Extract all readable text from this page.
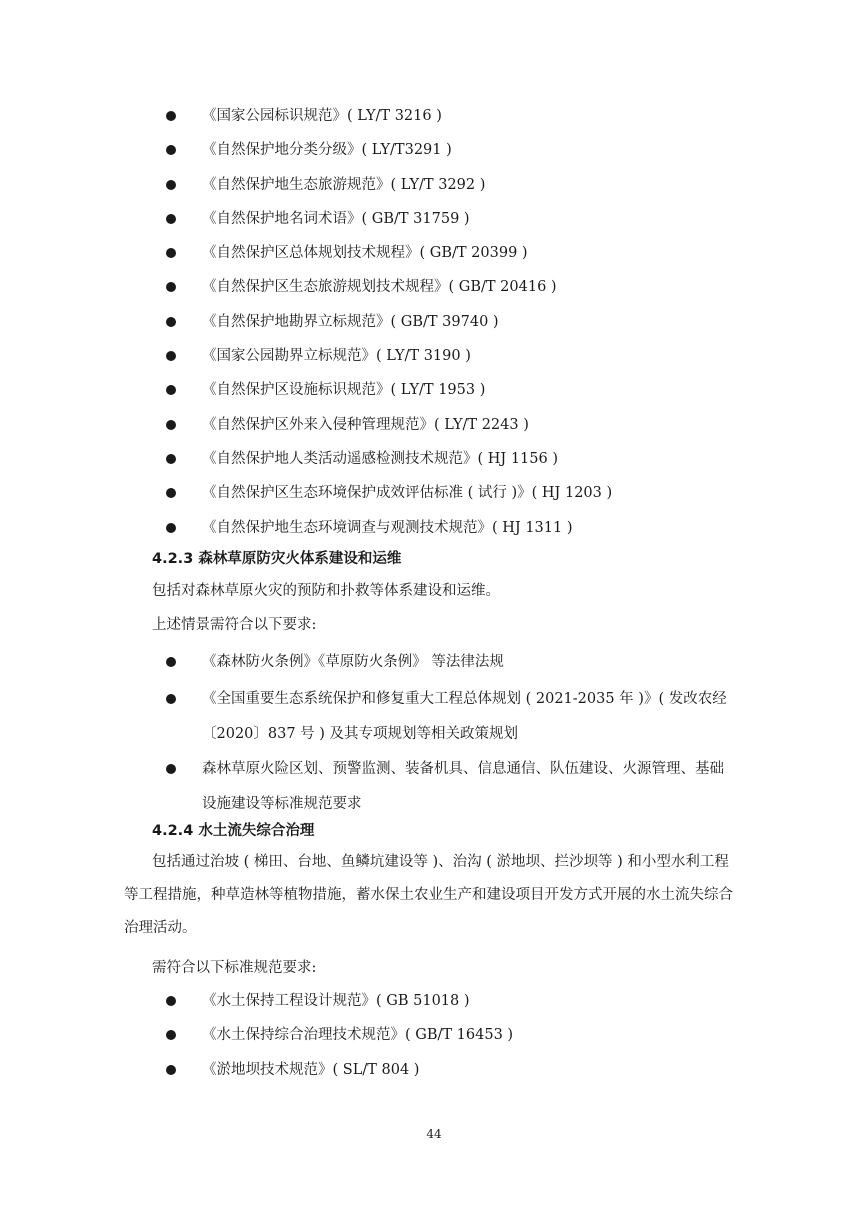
《国家公园标识规范》( LY/T 3216 )
《自然保护地分类分级》( LY/T3291 )
《自然保护地生态旅游规范》( LY/T 3292 )
《自然保护地名词术语》( GB/T 31759 )
《自然保护区总体规划技术规程》( GB/T 20399 )
《自然保护区生态旅游规划技术规程》( GB/T 20416 )
《自然保护地勘界立标规范》( GB/T 39740 )
《国家公园勘界立标规范》( LY/T 3190 )
《自然保护区设施标识规范》( LY/T 1953 )
《自然保护区外来入侵种管理规范》( LY/T 2243 )
《自然保护地人类活动遥感检测技术规范》( HJ 1156 )
《自然保护区生态环境保护成效评估标准 ( 试行 )》( HJ 1203 )
《自然保护地生态环境调查与观测技术规范》( HJ 1311 )
4.2.3 森林草原防灾火体系建设和运维
包括对森林草原火灾的预防和扑救等体系建设和运维。
上述情景需符合以下要求:
《森林防火条例》《草原防火条例》 等法律法规
《全国重要生态系统保护和修复重大工程总体规划 ( 2021-2035 年 )》( 发改农经〔2020〕837 号 ) 及其专项规划等相关政策规划
森林草原火险区划、预警监测、装备机具、信息通信、队伍建设、火源管理、基础设施建设等标准规范要求
4.2.4 水土流失综合治理
包括通过治坡 ( 梯田、台地、鱼鳞坑建设等 )、治沟 ( 淤地坝、拦沙坝等 ) 和小型水利工程等工程措施，种草造林等植物措施，蓄水保土农业生产和建设项目开发方式开展的水土流失综合治理活动。
需符合以下标准规范要求:
《水土保持工程设计规范》( GB 51018 )
《水土保持综合治理技术规范》( GB/T 16453 )
《淤地坝技术规范》( SL/T 804 )
44
